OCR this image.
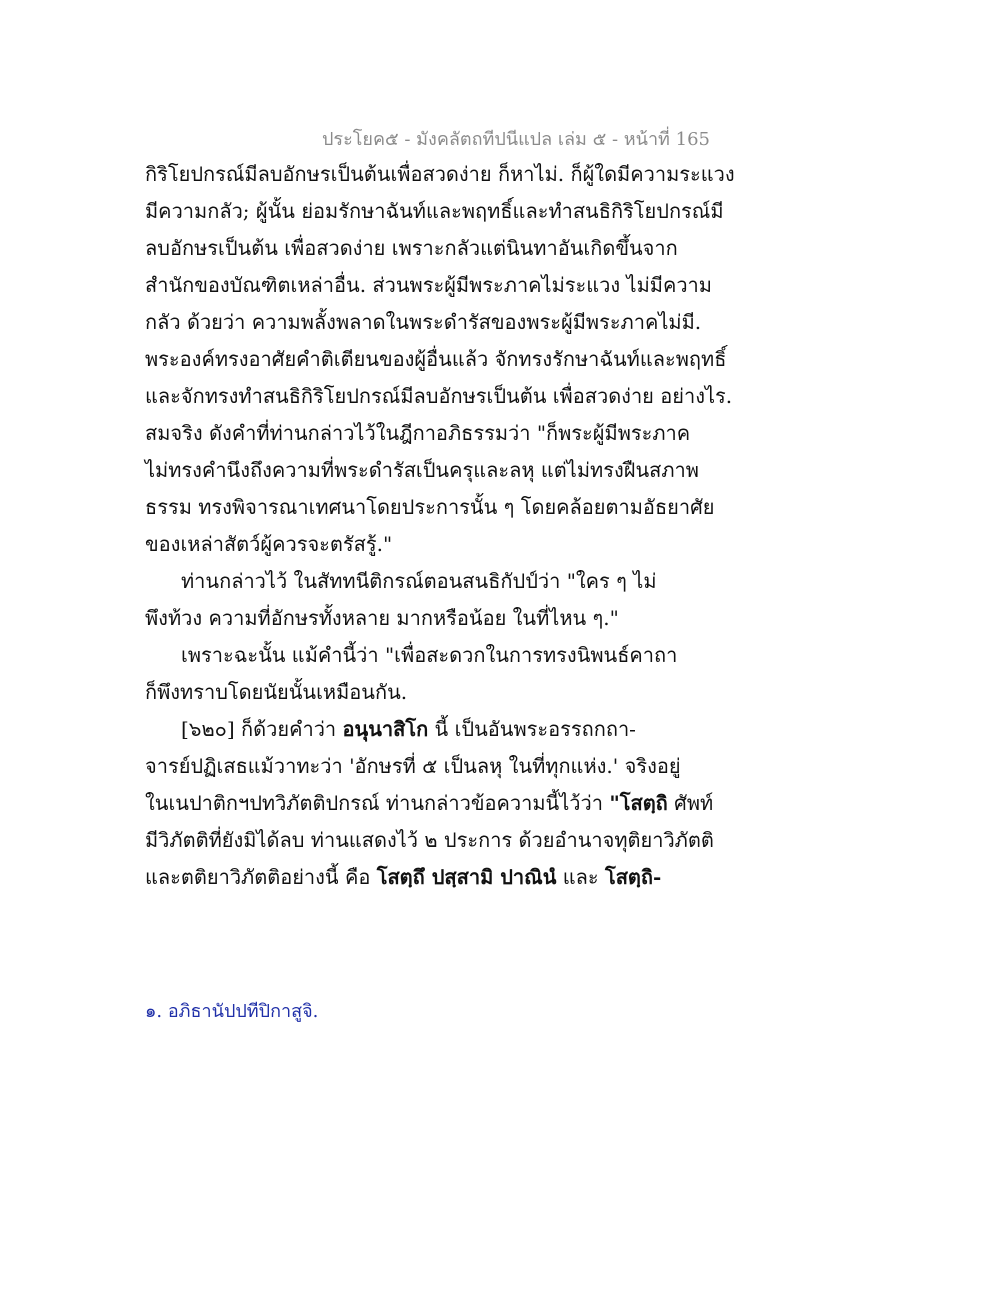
ประโยค๕ - มังคลัตถทีปนีแปล เล่ม ๕ - หน้าที่ 165
กิริโยปกรณ์มีลบอักษรเป็นต้นเพื่อสวดง่าย ก็หาไม่. ก็ผู้ใดมีความระแวง
มีความกลัว; ผู้นั้น ย่อมรักษาฉันท์และพฤทธิ์และทำสนธิกิริโยปกรณ์มี
ลบอักษรเป็นต้น เพื่อสวดง่าย เพราะกลัวแต่นินทาอันเกิดขึ้นจาก
สำนักของบัณฑิตเหล่าอื่น. ส่วนพระผู้มีพระภาคไม่ระแวง ไม่มีความ
กลัว ด้วยว่า ความพลั้งพลาดในพระดำรัสของพระผู้มีพระภาคไม่มี.
พระองค์ทรงอาศัยคำติเตียนของผู้อื่นแล้ว จักทรงรักษาฉันท์และพฤทธิ์
และจักทรงทำสนธิกิริโยปกรณ์มีลบอักษรเป็นต้น เพื่อสวดง่าย อย่างไร.
สมจริง ดังคำที่ท่านกล่าวไว้ในฎีกาอภิธรรมว่า "ก็พระผู้มีพระภาค
ไม่ทรงคำนึงถึงความที่พระดำรัสเป็นครุและลหุ แต่ไม่ทรงฝืนสภาพ
ธรรม ทรงพิจารณาเทศนาโดยประการนั้น ๆ โดยคล้อยตามอัธยาศัย
ของเหล่าสัตว์ผู้ควรจะตรัสรู้."
ท่านกล่าวไว้ ในสัททนีติกรณ์ตอนสนธิกัปป์ว่า "ใคร ๆ ไม่
พึงท้วง ความที่อักษรทั้งหลาย มากหรือน้อย ในที่ไหน ๆ."
เพราะฉะนั้น แม้คำนี้ว่า "เพื่อสะดวกในการทรงนิพนธ์คาถา
ก็พึงทราบโดยนัยนั้นเหมือนกัน.
[๖๒๐] ก็ด้วยคำว่า อนุนาสิโก นี้ เป็นอันพระอรรถกถา-
จารย์ปฏิเสธแม้วาทะว่า 'อักษรที่ ๕ เป็นลหุ ในที่ทุกแห่ง.' จริงอยู่
ในเนปาติกฯปทวิภัตติปกรณ์ ท่านกล่าวข้อความนี้ไว้ว่า "โสตฺถิ ศัพท์
มีวิภัตติที่ยังมิได้ลบ ท่านแสดงไว้ ๒ ประการ ด้วยอำนาจทุติยาวิภัตติ
และตติยาวิภัตติอย่างนี้ คือ โสตฺถึ ปสฺสามิ ปาณินํ และ โสตฺถิ-
๑. อภิธานัปปทีปิกาสูจิ.
